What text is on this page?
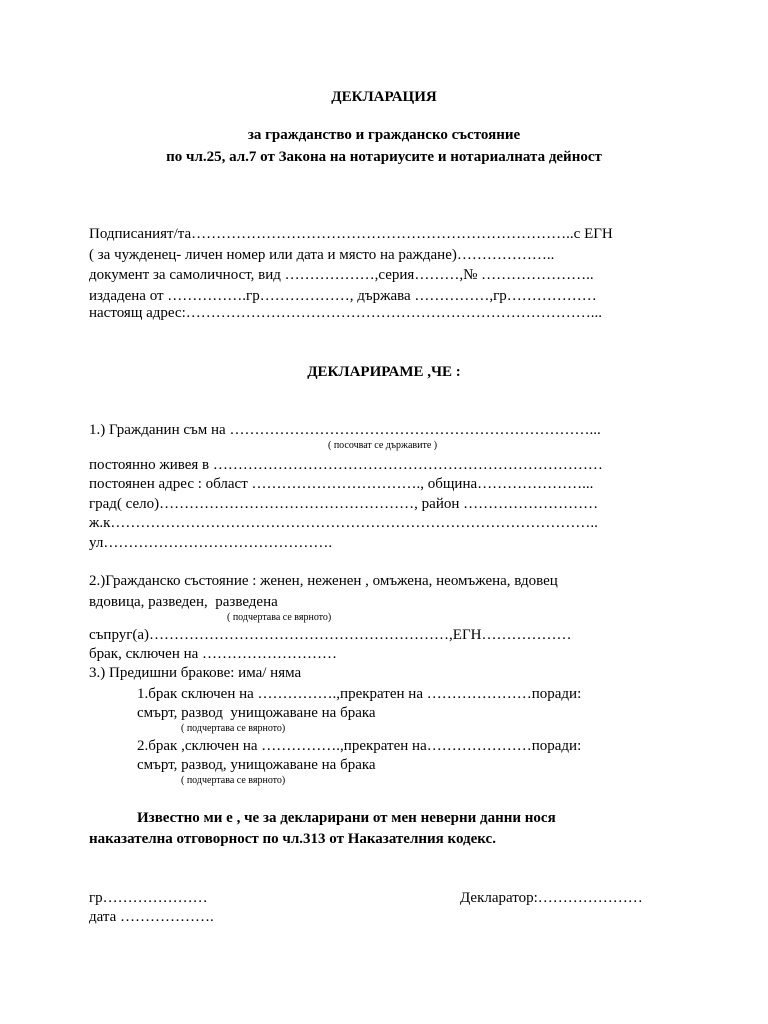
ДЕКЛАРАЦИЯ
за гражданство и гражданско състояние
по чл.25, ал.7 от Закона на нотариусите и нотариалната дейност
Подписаният/та…………………………………………………………………..с ЕГН
( за чужденец- личен номер или дата и място на раждане)………………..
документ за самоличност, вид ………………,серия………,№ …………………..
издадена от …………….гр………………, държава ……………,гр………………
настоящ адрес:………………………………………………………………………...
ДЕКЛАРИРАМЕ ,ЧЕ :
1.) Гражданин съм на ………………………………………………………………...
( посочват се държавите )
постоянно живея в ……………………………………………………………………
постоянен адрес : област ……………………………., община…………………...
град( село)……………………………………………, район ………………………
ж.к……………………………………………………………………………………..
ул……………………………………….
2.)Гражданско състояние : женен, неженен , омъжена, неомъжена, вдовец
вдовица, разведен,  разведена
( подчертава се вярното)
съпруг(а)……………………………………………………,ЕГН………………
брак, сключен на ………………………
3.) Предишни бракове: има/ няма
1.брак сключен на …………….,прекратен на …………………поради:
смърт, развод  унищожаване на брака
( подчертава се вярното)
2.брак ,сключен на …………….,прекратен на…………………поради:
смърт, развод, унищожаване на брака
( подчертава се вярното)
Известно ми е , че за декларирани от мен неверни данни нося
наказателна отговорност по чл.313 от Наказателния кодекс.
гр…………………	Декларатор:…………………
дата ……………….
